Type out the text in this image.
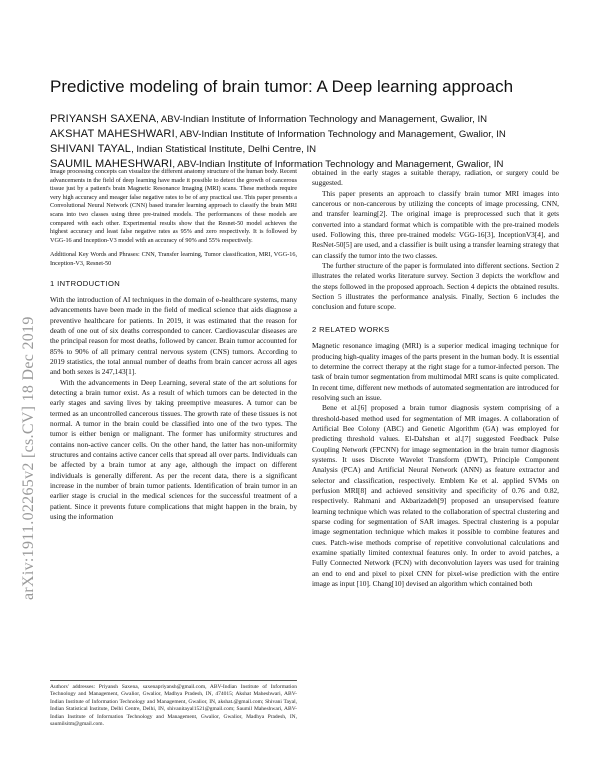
arXiv:1911.02265v2 [cs.CV] 18 Dec 2019
Predictive modeling of brain tumor: A Deep learning approach
PRIYANSH SAXENA, ABV-Indian Institute of Information Technology and Management, Gwalior, IN
AKSHAT MAHESHWARI, ABV-Indian Institute of Information Technology and Management, Gwalior, IN
SHIVANI TAYAL, Indian Statistical Institute, Delhi Centre, IN
SAUMIL MAHESHWARI, ABV-Indian Institute of Information Technology and Management, Gwalior, IN

Image processing concepts can visualize the different anatomy structure of the human body. Recent advancements in the field of deep learning have made it possible to detect the growth of cancerous tissue just by a patient's brain Magnetic Resonance Imaging (MRI) scans. These methods require very high accuracy and meager false negative rates to be of any practical use. This paper presents a Convolutional Neural Network (CNN) based transfer learning approach to classify the brain MRI scans into two classes using three pre-trained models. The performances of these models are compared with each other. Experimental results show that the Resnet-50 model achieves the highest accuracy and least false negative rates as 95% and zero respectively. It is followed by VGG-16 and Inception-V3 model with an accuracy of 90% and 55% respectively.

Additional Key Words and Phrases: CNN, Transfer learning, Tumor classification, MRI, VGG-16, Inception-V3, Resnet-50

1 INTRODUCTION

With the introduction of AI techniques in the domain of e-healthcare systems, many advancements have been made in the field of medical science that aids diagnose a preventive healthcare for patients. In 2019, it was estimated that the reason for death of one out of six deaths corresponded to cancer. Cardiovascular diseases are the principal reason for most deaths, followed by cancer. Brain tumor accounted for 85% to 90% of all primary central nervous system (CNS) tumors. According to 2019 statistics, the total annual number of deaths from brain cancer across all ages and both sexes is 247,143[1].

With the advancements in Deep Learning, several state of the art solutions for detecting a brain tumor exist. As a result of which tumors can be detected in the early stages and saving lives by taking preemptive measures. A tumor can be termed as an uncontrolled cancerous tissues. The growth rate of these tissues is not normal. A tumor in the brain could be classified into one of the two types. The tumor is either benign or malignant. The former has uniformity structures and contains non-active cancer cells. On the other hand, the latter has non-uniformity structures and contains active cancer cells that spread all over parts. Individuals can be affected by a brain tumor at any age, although the impact on different individuals is generally different. As per the recent data, there is a significant increase in the number of brain tumor patients. Identification of brain tumor in an earlier stage is crucial in the medical sciences for the successful treatment of a patient. Since it prevents future complications that might happen in the brain, by using the information

obtained in the early stages a suitable therapy, radiation, or surgery could be suggested.

This paper presents an approach to classify brain tumor MRI images into cancerous or non-cancerous by utilizing the concepts of image processing, CNN, and transfer learning[2]. The original image is preprocessed such that it gets converted into a standard format which is compatible with the pre-trained models used. Following this, three pre-trained models: VGG-16[3], InceptionV3[4], and ResNet-50[5] are used, and a classifier is built using a transfer learning strategy that can classify the tumor into the two classes.

The further structure of the paper is formulated into different sections. Section 2 illustrates the related works literature survey. Section 3 depicts the workflow and the steps followed in the proposed approach. Section 4 depicts the obtained results. Section 5 illustrates the performance analysis. Finally, Section 6 includes the conclusion and future scope.

2 RELATED WORKS

Magnetic resonance imaging (MRI) is a superior medical imaging technique for producing high-quality images of the parts present in the human body. It is essential to determine the correct therapy at the right stage for a tumor-infected person. The task of brain tumor segmentation from multimodal MRI scans is quite complicated. In recent time, different new methods of automated segmentation are introduced for resolving such an issue.

Bene et al.[6] proposed a brain tumor diagnosis system comprising of a threshold-based method used for segmentation of MR images. A collaboration of Artificial Bee Colony (ABC) and Genetic Algorithm (GA) was employed for predicting threshold values. El-Dahshan et al.[7] suggested Feedback Pulse Coupling Network (FPCNN) for image segmentation in the brain tumor diagnosis systems. It uses Discrete Wavelet Transform (DWT), Principle Component Analysis (PCA) and Artificial Neural Network (ANN) as feature extractor and selector and classification, respectively. Emblem Ke et al. applied SVMs on perfusion MRI[8] and achieved sensitivity and specificity of 0.76 and 0.82, respectively. Rahmani and Akbarizadeh[9] proposed an unsupervised feature learning technique which was related to the collaboration of spectral clustering and sparse coding for segmentation of SAR images. Spectral clustering is a popular image segmentation technique which makes it possible to combine features and cues. Patch-wise methods comprise of repetitive convolutional calculations and examine spatially limited contextual features only. In order to avoid patches, a Fully Connected Network (FCN) with deconvolution layers was used for training an end to end and pixel to pixel CNN for pixel-wise prediction with the entire image as input [10]. Chang[10] devised an algorithm which contained both

Authors' addresses: Priyansh Saxena, saxenapriyansh@gmail.com, ABV-Indian Institute of Information Technology and Management, Gwalior, Gwalior, Madhya Pradesh, IN, 474015; Akshat Maheshwari, ABV-Indian Institute of Information Technology and Management, Gwalior, IN, akshat.@gmail.com; Shivani Tayal, Indian Statistical Institute, Delhi Centre, Delhi, IN, shivanitayal1521@gmail.com; Saumil Maheshwari, ABV-Indian Institute of Information Technology and Management, Gwalior, Gwalior, Madhya Pradesh, IN, saumilsitm@gmail.com.
